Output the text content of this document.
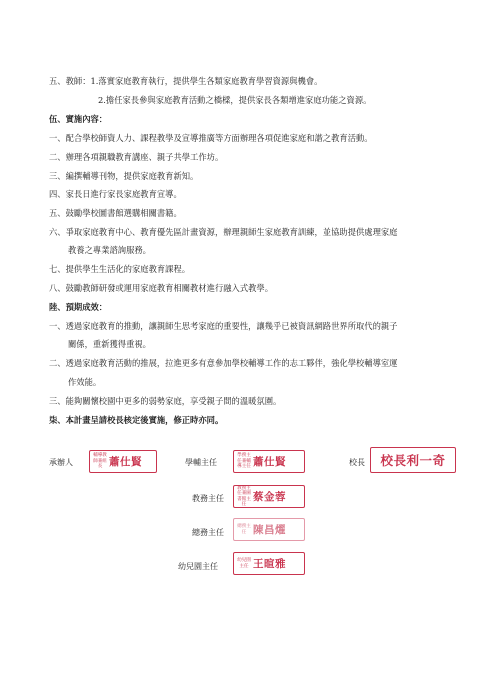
五、教師：1.落實家庭教育執行，提供學生各類家庭教育學習資源與機會。
2.擔任家長參與家庭教育活動之橋樑，提供家長各類增進家庭功能之資源。
伍、實施內容：
一、配合學校師資人力、課程教學及宣導推廣等方面辦理各項促進家庭和諧之教育活動。
二、辦理各項親職教育講座、親子共學工作坊。
三、編撰輔導刊物，提供家庭教育新知。
四、家長日進行家長家庭教育宣導。
五、鼓勵學校圖書館選購相關書籍。
六、爭取家庭教育中心、教育優先區計畫資源，辦理親師生家庭教育訓練，並協助提供處理家庭
教養之專業諮詢服務。
七、提供學生生活化的家庭教育課程。
八、鼓勵教師研發或運用家庭教育相關教材進行融入式教學。
陸、預期成效：
一、透過家庭教育的推動，讓親師生思考家庭的重要性，讓幾乎已被資訊網路世界所取代的親子
關係，重新獲得重視。
二、透過家庭教育活動的推展，拉進更多有意參加學校輔導工作的志工夥伴，強化學校輔導室運
作效能。
三、能夠關懷校園中更多的弱勢家庭，享受親子間的溫暖氛圍。
柒、本計畫呈請校長核定後實施，修正時亦同。
承辦人
輔導教師兼組長 蕭仕賢	學輔主任
學務主任兼輔導主任 蕭仕賢	校長 校長利一奇
教務主任
教務主任兼圖書館主任
蔡金蓉
總務主任
總務主任 陳昌燿
幼兒園主任
幼兒園主任 王暄雅
